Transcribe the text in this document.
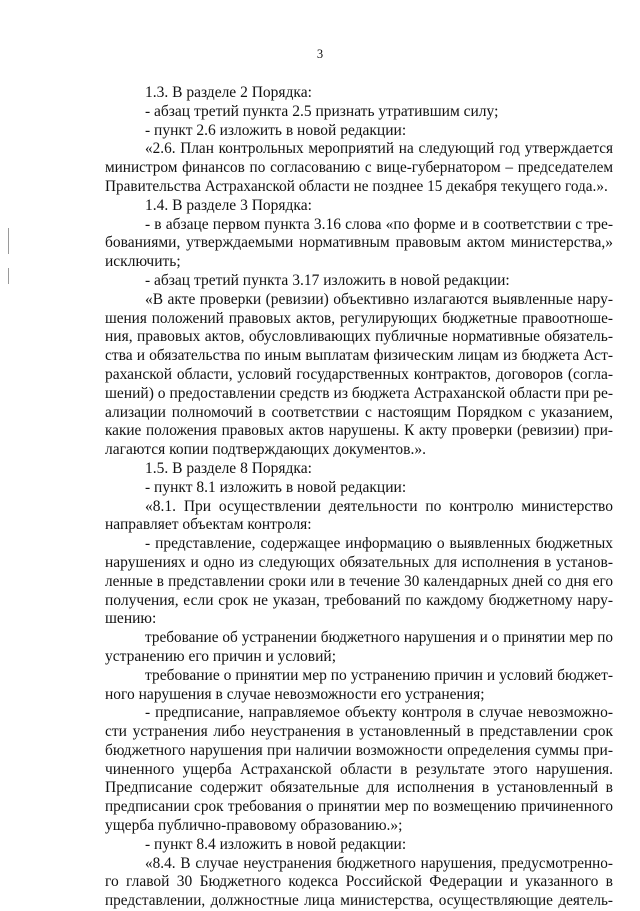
3
1.3. В разделе 2 Порядка:
- абзац третий пункта 2.5 признать утратившим силу;
- пункт 2.6 изложить в новой редакции:
«2.6. План контрольных мероприятий на следующий год утверждается
министром финансов по согласованию с вице-губернатором – председателем
Правительства Астраханской области не позднее 15 декабря текущего года.».
1.4. В разделе 3 Порядка:
- в абзаце первом пункта 3.16 слова «по форме и в соответствии с тре-
бованиями, утверждаемыми нормативным правовым актом министерства,»
исключить;
- абзац третий пункта 3.17 изложить в новой редакции:
«В акте проверки (ревизии) объективно излагаются выявленные нару-
шения положений правовых актов, регулирующих бюджетные правоотноше-
ния, правовых актов, обусловливающих публичные нормативные обязатель-
ства и обязательства по иным выплатам физическим лицам из бюджета Аст-
раханской области, условий государственных контрактов, договоров (согла-
шений) о предоставлении средств из бюджета Астраханской области при ре-
ализации полномочий в соответствии с настоящим Порядком с указанием,
какие положения правовых актов нарушены. К акту проверки (ревизии) при-
лагаются копии подтверждающих документов.».
1.5. В разделе 8 Порядка:
- пункт 8.1 изложить в новой редакции:
«8.1. При осуществлении деятельности по контролю министерство
направляет объектам контроля:
- представление, содержащее информацию о выявленных бюджетных
нарушениях и одно из следующих обязательных для исполнения в установ-
ленные в представлении сроки или в течение 30 календарных дней со дня его
получения, если срок не указан, требований по каждому бюджетному нару-
шению:
требование об устранении бюджетного нарушения и о принятии мер по
устранению его причин и условий;
требование о принятии мер по устранению причин и условий бюджет-
ного нарушения в случае невозможности его устранения;
- предписание, направляемое объекту контроля в случае невозможно-
сти устранения либо неустранения в установленный в представлении срок
бюджетного нарушения при наличии возможности определения суммы при-
чиненного ущерба Астраханской области в результате этого нарушения.
Предписание содержит обязательные для исполнения в установленный в
предписании срок требования о принятии мер по возмещению причиненного
ущерба публично-правовому образованию.»;
- пункт 8.4 изложить в новой редакции:
«8.4. В случае неустранения бюджетного нарушения, предусмотренно-
го главой 30 Бюджетного кодекса Российской Федерации и указанного в
представлении, должностные лица министерства, осуществляющие деятель-
